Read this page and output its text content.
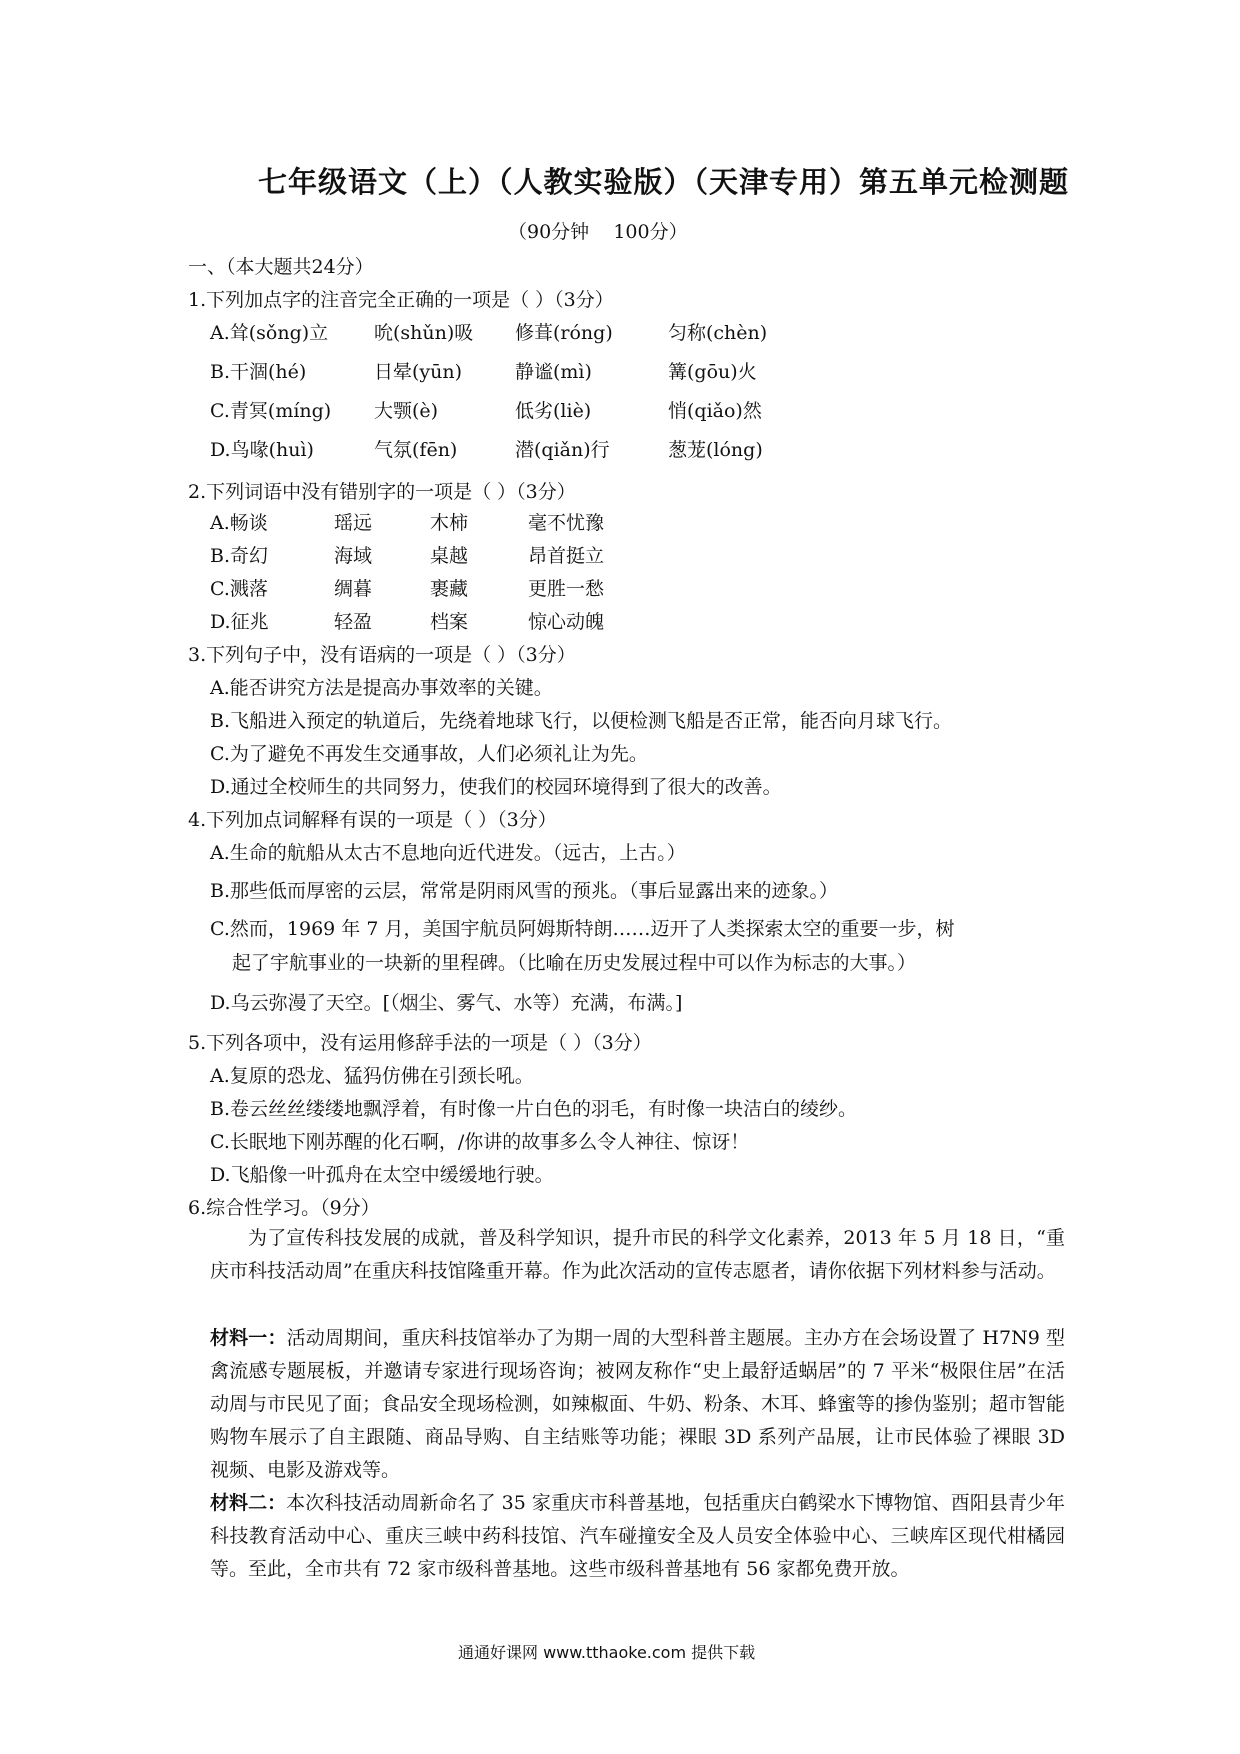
七年级语文（上）（人教实验版）（天津专用）第五单元检测题
（90分钟    100分）
一、（本大题共24分）
1.下列加点字的注音完全正确的一项是（ ）（3分）
A.耸(sǒng)立 吮(shǔn)吸 修葺(róng)	匀称(chèn)
B.干涸(hé)	日晕(yūn)	静谧(mì)	篝(gōu)火
C.青冥(míng) 大颚(è)	低劣(liè)	悄(qiǎo)然
D.鸟喙(huì)	气氛(fēn)	潜(qiǎn)行	葱茏(lóng)
2.下列词语中没有错别字的一项是（ ）（3分）
A.畅谈	瑶远	木柿	毫不忧豫
B.奇幻	海域	桌越	昂首挺立
C.溅落	绸暮	裹藏	更胜一愁
D.征兆	轻盈	档案	惊心动魄
3.下列句子中，没有语病的一项是（ ）（3分）
A.能否讲究方法是提高办事效率的关键。
B.飞船进入预定的轨道后，先绕着地球飞行，以便检测飞船是否正常，能否向月球飞行。
C.为了避免不再发生交通事故，人们必须礼让为先。
D.通过全校师生的共同努力，使我们的校园环境得到了很大的改善。
4.下列加点词解释有误的一项是（ ）（3分）
A.生命的航船从太古不息地向近代进发。（远古，上古。）
B.那些低而厚密的云层，常常是阴雨风雪的预兆。（事后显露出来的迹象。）
C.然而，1969 年 7 月，美国宇航员阿姆斯特朗……迈开了人类探索太空的重要一步，树
起了宇航事业的一块新的里程碑。（比喻在历史发展过程中可以作为标志的大事。）
D.乌云弥漫了天空。[（烟尘、雾气、水等）充满，布满。]
5.下列各项中，没有运用修辞手法的一项是（ ）（3分）
A.复原的恐龙、猛犸仿佛在引颈长吼。
B.卷云丝丝缕缕地飘浮着，有时像一片白色的羽毛，有时像一块洁白的绫纱。
C.长眠地下刚苏醒的化石啊，/你讲的故事多么令人神往、惊讶！
D.飞船像一叶孤舟在太空中缓缓地行驶。
6.综合性学习。（9分）
为了宣传科技发展的成就，普及科学知识，提升市民的科学文化素养，2013 年 5 月 18 日，“重庆市科技活动周”在重庆科技馆隆重开幕。作为此次活动的宣传志愿者，请你依据下列材料参与活动。
材料一：活动周期间，重庆科技馆举办了为期一周的大型科普主题展。主办方在会场设置了 H7N9 型禽流感专题展板，并邀请专家进行现场咨询；被网友称作“史上最舒适蜗居”的 7 平米“极限住居”在活动周与市民见了面；食品安全现场检测，如辣椒面、牛奶、粉条、木耳、蜂蜜等的掺伪鉴别；超市智能购物车展示了自主跟随、商品导购、自主结账等功能；裸眼 3D 系列产品展，让市民体验了裸眼 3D 视频、电影及游戏等。
材料二：本次科技活动周新命名了 35 家重庆市科普基地，包括重庆白鹤梁水下博物馆、酉阳县青少年科技教育活动中心、重庆三峡中药科技馆、汽车碰撞安全及人员安全体验中心、三峡库区现代柑橘园等。至此，全市共有 72 家市级科普基地。这些市级科普基地有 56 家都免费开放。
通通好课网 www.tthaoke.com 提供下载
